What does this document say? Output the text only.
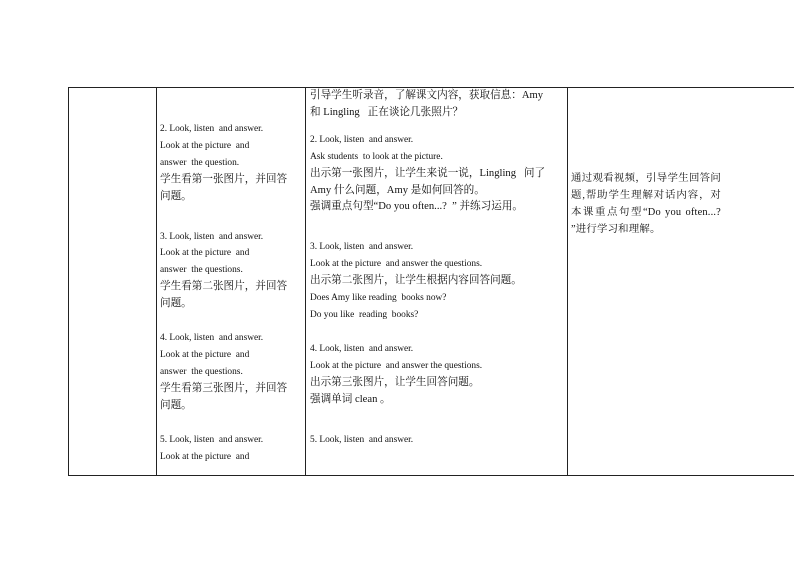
2. Look, listen  and answer.
Look at the picture  and
answer  the question.
学生看第一张图片，并回答
问题。
3. Look, listen  and answer.
Look at the picture  and
answer  the questions.
学生看第二张图片，并回答
问题。
4. Look, listen  and answer.
Look at the picture  and
answer  the questions.
学生看第三张图片，并回答
问题。
5. Look, listen  and answer.
Look at the picture  and
引导学生听录音，了解课文内容，获取信息：Amy
和 Lingling   正在谈论几张照片？
2. Look, listen  and answer.
Ask students  to look at the picture.
出示第一张图片，让学生来说一说，Lingling   问了
Amy 什么问题，Amy 是如何回答的。
强调重点句型“Do you often...?  ” 并练习运用。
3. Look, listen  and answer.
Look at the picture  and answer the questions.
出示第二张图片，让学生根据内容回答问题。
Does Amy like reading  books now?
Do you like  reading  books?
4. Look, listen  and answer.
Look at the picture  and answer the questions.
出示第三张图片，让学生回答问题。
强调单词 clean 。
5. Look, listen  and answer.
通过观看视频，引导学生回答问题,帮助学生理解对话内容，对本课重点句型“Do you often...? ”进行学习和理解。
